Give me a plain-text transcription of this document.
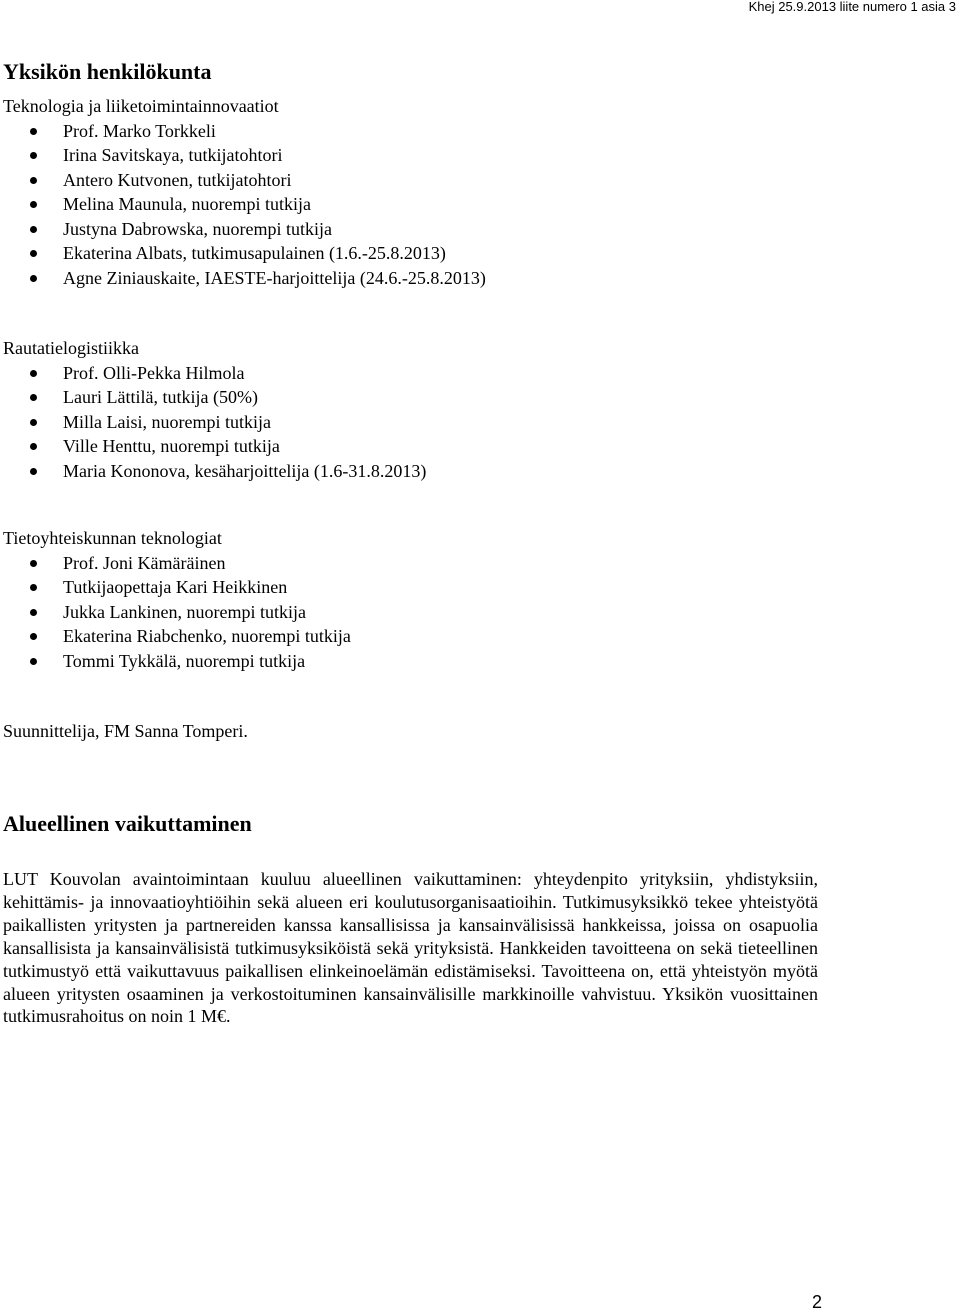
Khej 25.9.2013 liite numero 1 asia 3
Yksikön henkilökunta
Teknologia ja liiketoimintainnovaatiot
Prof. Marko Torkkeli
Irina Savitskaya, tutkijatohtori
Antero Kutvonen, tutkijatohtori
Melina Maunula, nuorempi tutkija
Justyna Dabrowska, nuorempi tutkija
Ekaterina Albats, tutkimusapulainen (1.6.-25.8.2013)
Agne Ziniauskaite, IAESTE-harjoittelija (24.6.-25.8.2013)
Rautatielogistiikka
Prof. Olli-Pekka Hilmola
Lauri Lättilä, tutkija (50%)
Milla Laisi, nuorempi tutkija
Ville Henttu, nuorempi tutkija
Maria Kononova, kesäharjoittelija (1.6-31.8.2013)
Tietoyhteiskunnan teknologiat
Prof. Joni Kämäräinen
Tutkijaopettaja Kari Heikkinen
Jukka Lankinen, nuorempi tutkija
Ekaterina Riabchenko, nuorempi tutkija
Tommi Tykkälä, nuorempi tutkija

Suunnittelija, FM Sanna Tomperi.

Alueellinen vaikuttaminen

LUT Kouvolan avaintoimintaan kuuluu alueellinen vaikuttaminen: yhteydenpito yrityksiin, yhdistyksiin, kehittämis- ja innovaatioyhtiöihin sekä alueen eri koulutusorganisaatioihin. Tutkimusyksikkö tekee yhteistyötä paikallisten yritysten ja partnereiden kanssa kansallisissa ja kansainvälisissä hankkeissa, joissa on osapuolia kansallisista ja kansainvälisistä tutkimusyksiköistä sekä yrityksistä. Hankkeiden tavoitteena on sekä tieteellinen tutkimustyö että vaikuttavuus paikallisen elinkeinoelämän edistämiseksi. Tavoitteena on, että yhteistyön myötä alueen yritysten osaaminen ja verkostoituminen kansainvälisille markkinoille vahvistuu. Yksikön vuosittainen tutkimusrahoitus on noin 1 M€.

2
